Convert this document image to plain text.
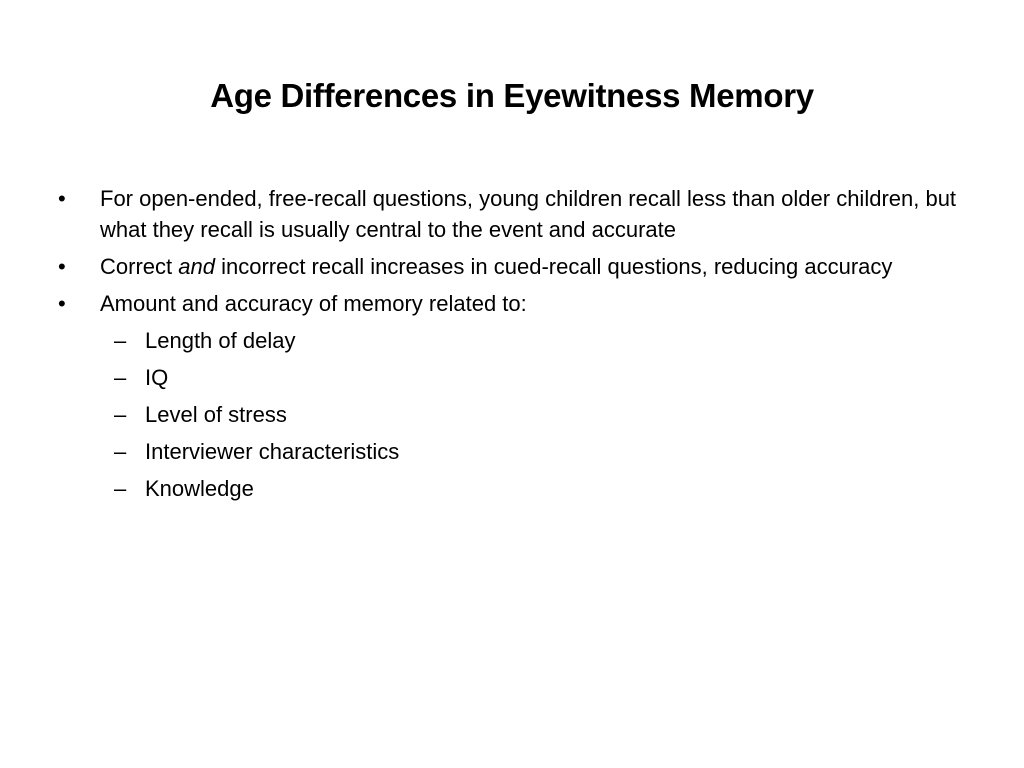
Age Differences in Eyewitness Memory
•	For open-ended, free-recall questions, young children recall less than older children, but what they recall is usually central to the event and accurate
•	Correct and incorrect recall increases in cued-recall questions, reducing accuracy
•	Amount and accuracy of memory related to:
– Length of delay
– IQ
– Level of stress
– Interviewer characteristics
– Knowledge
